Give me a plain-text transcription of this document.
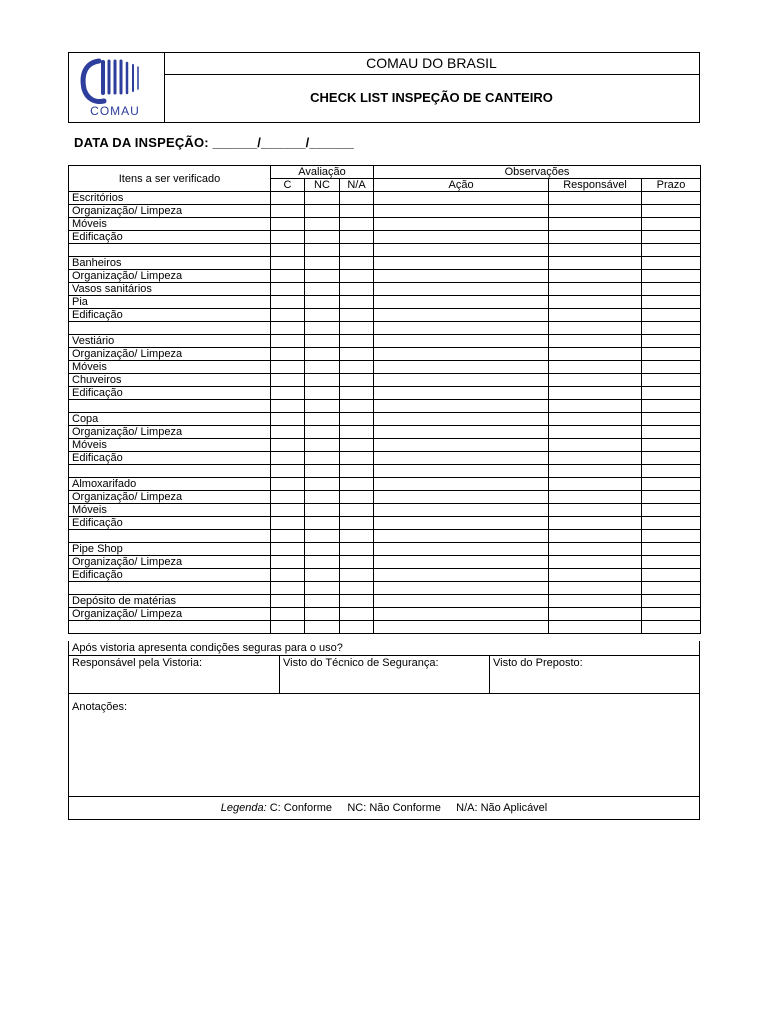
COMAU
COMAU DO BRASIL
CHECK LIST INSPEÇÃO DE CANTEIRO
DATA DA INSPEÇÃO: ______/______/______
Itens a ser verificado	Avaliação			Observações		
	C	NC	N/A	Ação	Responsável	Prazo
Escritórios						
Organização/ Limpeza						
Móveis						
Edificação						

Banheiros						
Organização/ Limpeza						
Vasos sanitários						
Pia						
Edificação						

Vestiário						
Organização/ Limpeza						
Móveis						
Chuveiros						
Edificação						

Copa						
Organização/ Limpeza						
Móveis						
Edificação						

Almoxarifado						
Organização/ Limpeza						
Móveis						
Edificação						

Pipe Shop						
Organização/ Limpeza						
Edificação						

Depósito de matérias						
Organização/ Limpeza						

Após vistoria apresenta condições seguras para o uso?
Responsável pela Vistoria:	Visto do Técnico de Segurança:	Visto do Preposto:
Anotações:
Legenda: C: Conforme     NC: Não Conforme     N/A: Não Aplicável
